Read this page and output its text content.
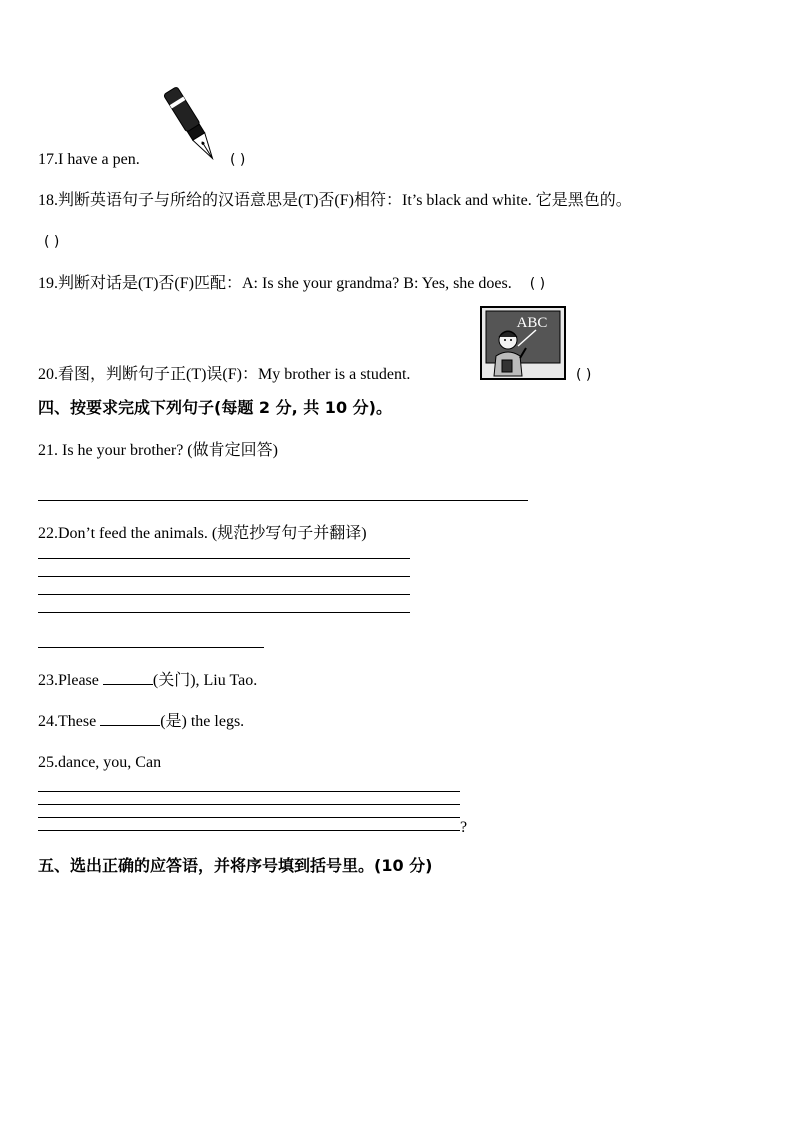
17.I have a pen.	( )
18.判断英语句子与所给的汉语意思是(T)否(F)相符：It’s black and white. 它是黑色的。
( )
19.判断对话是(T)否(F)匹配：A: Is she your grandma? B: Yes, she does. ( )
20.看图，判断句子正(T)误(F)：My brother is a student.
ABC
( )
四、按要求完成下列句子(每题 2 分, 共 10 分)。
21. Is he your brother? (做肯定回答)
22.Don’t feed the animals. (规范抄写句子并翻译)
23.Please	(关门), Liu Tao.
24.These	(是) the legs.
25.dance, you, Can
?
五、选出正确的应答语，并将序号填到括号里。(10 分)
